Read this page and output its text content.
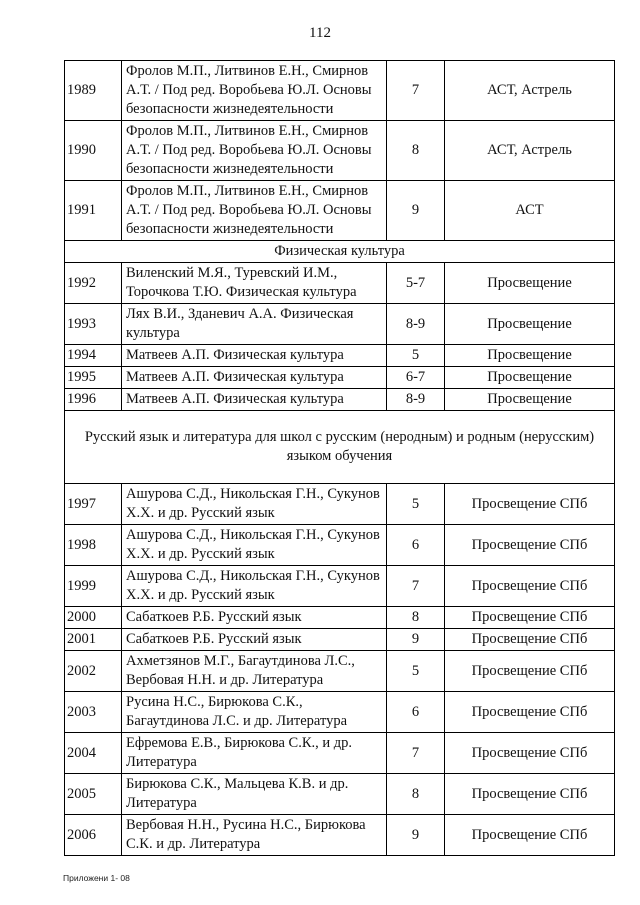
112
1989	Фролов М.П., Литвинов Е.Н., Смирнов А.Т. / Под ред. Воробьева Ю.Л. Основы безопасности жизнедеятельности	7	АСТ, Астрель
1990	Фролов М.П., Литвинов Е.Н., Смирнов А.Т. / Под ред. Воробьева Ю.Л. Основы безопасности жизнедеятельности	8	АСТ, Астрель
1991	Фролов М.П., Литвинов Е.Н., Смирнов А.Т. / Под ред. Воробьева Ю.Л. Основы безопасности жизнедеятельности	9	АСТ
Физическая культура			
1992	Виленский М.Я., Туревский И.М., Торочкова Т.Ю. Физическая культура	5-7	Просвещение
1993	Лях В.И., Зданевич А.А. Физическая культура	8-9	Просвещение
1994	Матвеев А.П. Физическая культура	5	Просвещение
1995	Матвеев А.П. Физическая культура	6-7	Просвещение
1996	Матвеев А.П. Физическая культура	8-9	Просвещение
Русский язык и литература для школ с русским (неродным) и родным (нерусским) языком обучения			
1997	Ашурова С.Д., Никольская Г.Н., Сукунов Х.Х. и др. Русский язык	5	Просвещение СПб
1998	Ашурова С.Д., Никольская Г.Н., Сукунов Х.Х. и др. Русский язык	6	Просвещение СПб
1999	Ашурова С.Д., Никольская Г.Н., Сукунов Х.Х. и др. Русский язык	7	Просвещение СПб
2000	Сабаткоев Р.Б. Русский язык	8	Просвещение СПб
2001	Сабаткоев Р.Б. Русский язык	9	Просвещение СПб
2002	Ахметзянов М.Г., Багаутдинова Л.С., Вербовая Н.Н. и др. Литература	5	Просвещение СПб
2003	Русина Н.С., Бирюкова С.К., Багаутдинова Л.С. и др. Литература	6	Просвещение СПб
2004	Ефремова Е.В., Бирюкова С.К., и др. Литература	7	Просвещение СПб
2005	Бирюкова С.К., Мальцева К.В. и др. Литература	8	Просвещение СПб
2006	Вербовая Н.Н., Русина Н.С., Бирюкова С.К. и др. Литература	9	Просвещение СПб
Приложени 1- 08
